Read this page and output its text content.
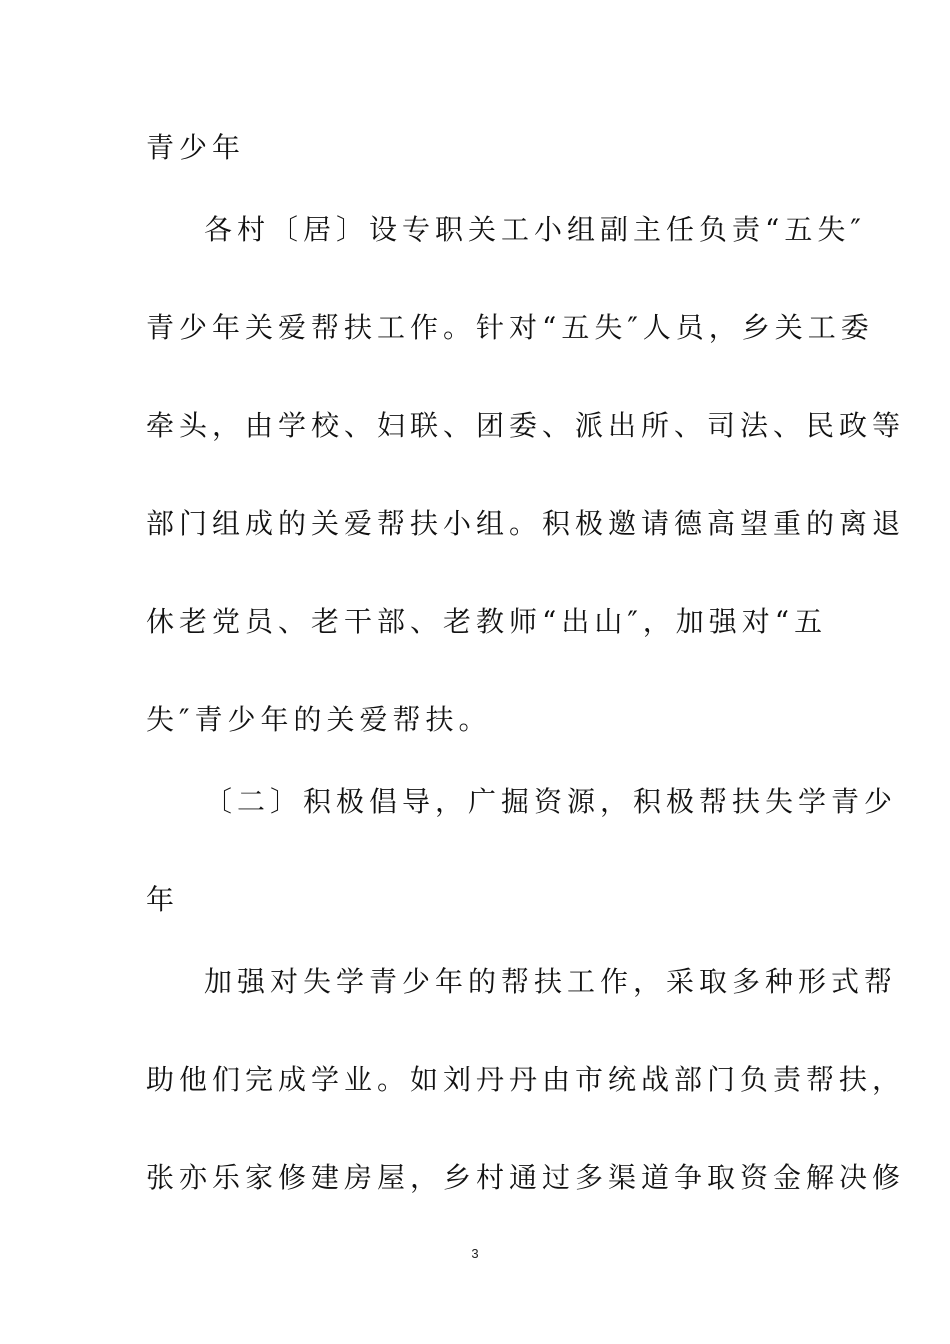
青少年
各村〔居〕设专职关工小组副主任负责“五失″
青少年关爱帮扶工作。针对“五失″人员，乡关工委
牵头，由学校、妇联、团委、派出所、司法、民政等
部门组成的关爱帮扶小组。积极邀请德高望重的离退
休老党员、老干部、老教师“出山″，加强对“五
失″青少年的关爱帮扶。
〔二〕积极倡导，广掘资源，积极帮扶失学青少
年
加强对失学青少年的帮扶工作，采取多种形式帮
助他们完成学业。如刘丹丹由市统战部门负责帮扶，
张亦乐家修建房屋，乡村通过多渠道争取资金解决修
3
